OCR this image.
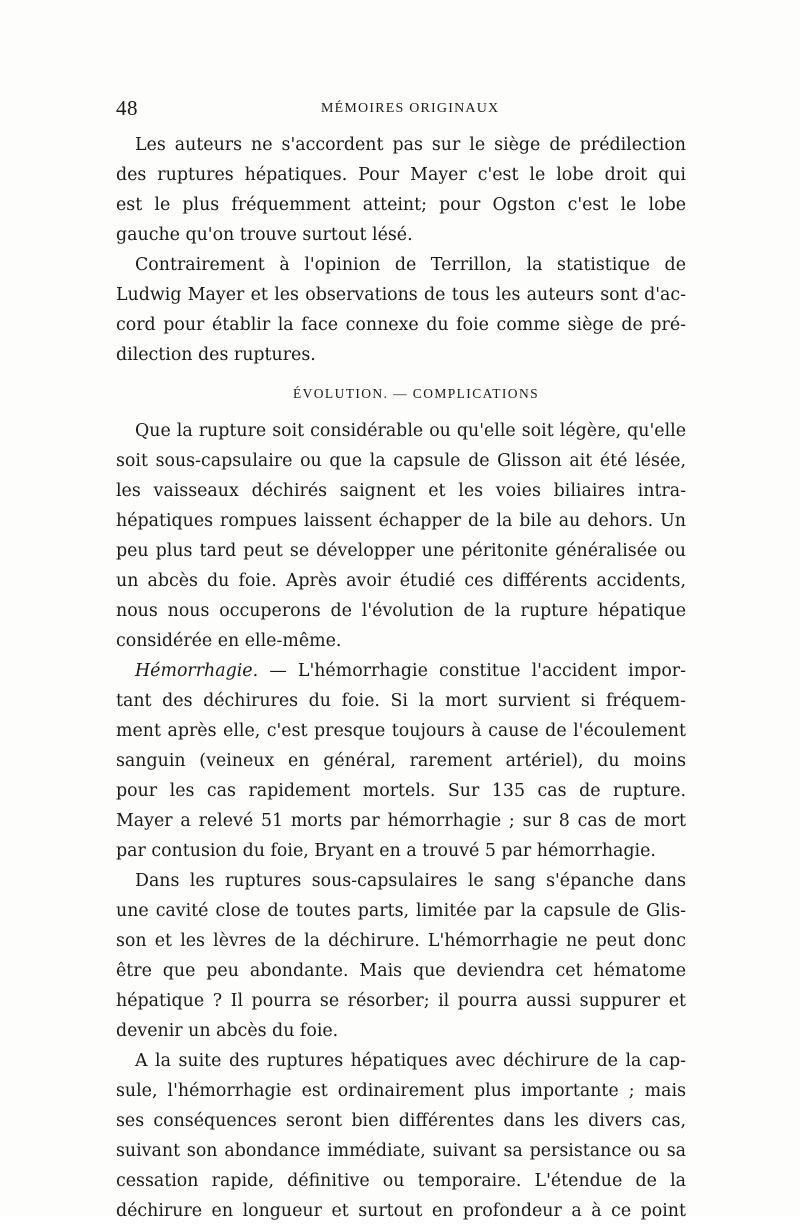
48	MÉMOIRES ORIGINAUX
Les auteurs ne s'accordent pas sur le siège de prédilection
des ruptures hépatiques. Pour Mayer c'est le lobe droit qui
est le plus fréquemment atteint; pour Ogston c'est le lobe
gauche qu'on trouve surtout lésé.
Contrairement à l'opinion de Terrillon, la statistique de
Ludwig Mayer et les observations de tous les auteurs sont d'ac-
cord pour établir la face connexe du foie comme siège de pré-
dilection des ruptures.
ÉVOLUTION. — COMPLICATIONS
Que la rupture soit considérable ou qu'elle soit légère, qu'elle
soit sous-capsulaire ou que la capsule de Glisson ait été lésée,
les vaisseaux déchirés saignent et les voies biliaires intra-
hépatiques rompues laissent échapper de la bile au dehors. Un
peu plus tard peut se développer une péritonite généralisée ou
un abcès du foie. Après avoir étudié ces différents accidents,
nous nous occuperons de l'évolution de la rupture hépatique
considérée en elle-même.
Hémorrhagie. — L'hémorrhagie constitue l'accident impor-
tant des déchirures du foie. Si la mort survient si fréquem-
ment après elle, c'est presque toujours à cause de l'écoulement
sanguin (veineux en général, rarement artériel), du moins
pour les cas rapidement mortels. Sur 135 cas de rupture.
Mayer a relevé 51 morts par hémorrhagie ; sur 8 cas de mort
par contusion du foie, Bryant en a trouvé 5 par hémorrhagie.
Dans les ruptures sous-capsulaires le sang s'épanche dans
une cavité close de toutes parts, limitée par la capsule de Glis-
son et les lèvres de la déchirure. L'hémorrhagie ne peut donc
être que peu abondante. Mais que deviendra cet hématome
hépatique ? Il pourra se résorber; il pourra aussi suppurer et
devenir un abcès du foie.
A la suite des ruptures hépatiques avec déchirure de la cap-
sule, l'hémorrhagie est ordinairement plus importante ; mais
ses conséquences seront bien différentes dans les divers cas,
suivant son abondance immédiate, suivant sa persistance ou sa
cessation rapide, définitive ou temporaire. L'étendue de la
déchirure en longueur et surtout en profondeur a à ce point
